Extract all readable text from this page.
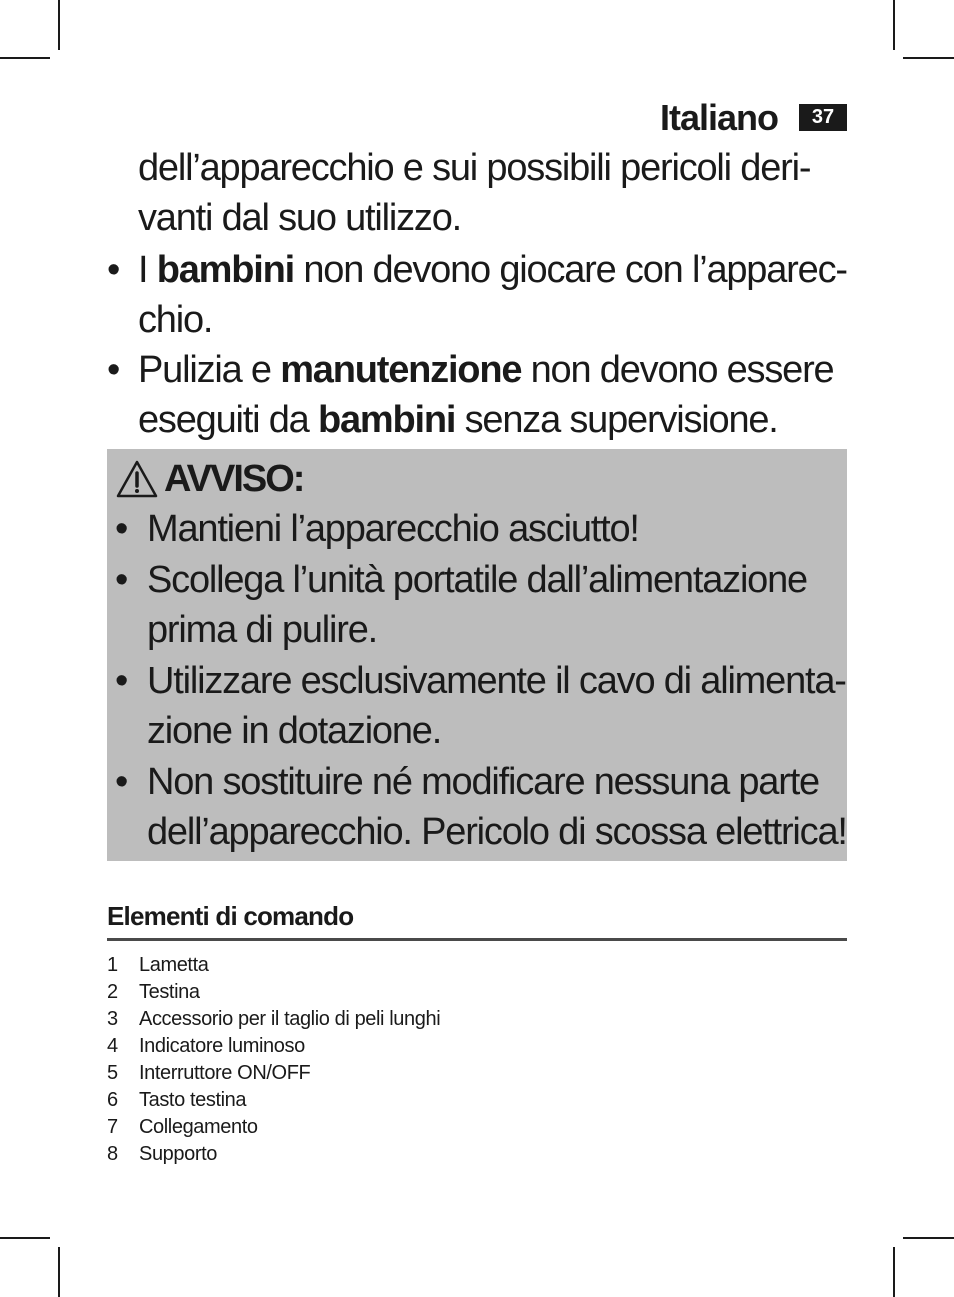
Italiano	37
dell’apparecchio e sui possibili pericoli deri-
vanti dal suo utilizzo.
• I bambini non devono giocare con l’apparec-
chio.
• Pulizia e manutenzione non devono essere
eseguiti da bambini senza supervisione.
AVVISO:
• Mantieni l’apparecchio asciutto!
• Scollega l’unità portatile dall’alimentazione
prima di pulire.
• Utilizzare esclusivamente il cavo di alimenta-
zione in dotazione.
• Non sostituire né modificare nessuna parte
dell’apparecchio. Pericolo di scossa elettrica!
Elementi di comando
1	Lametta
2	Testina
3	Accessorio per il taglio di peli lunghi
4	Indicatore luminoso
5	Interruttore ON/OFF
6	Tasto testina
7	Collegamento
8	Supporto
